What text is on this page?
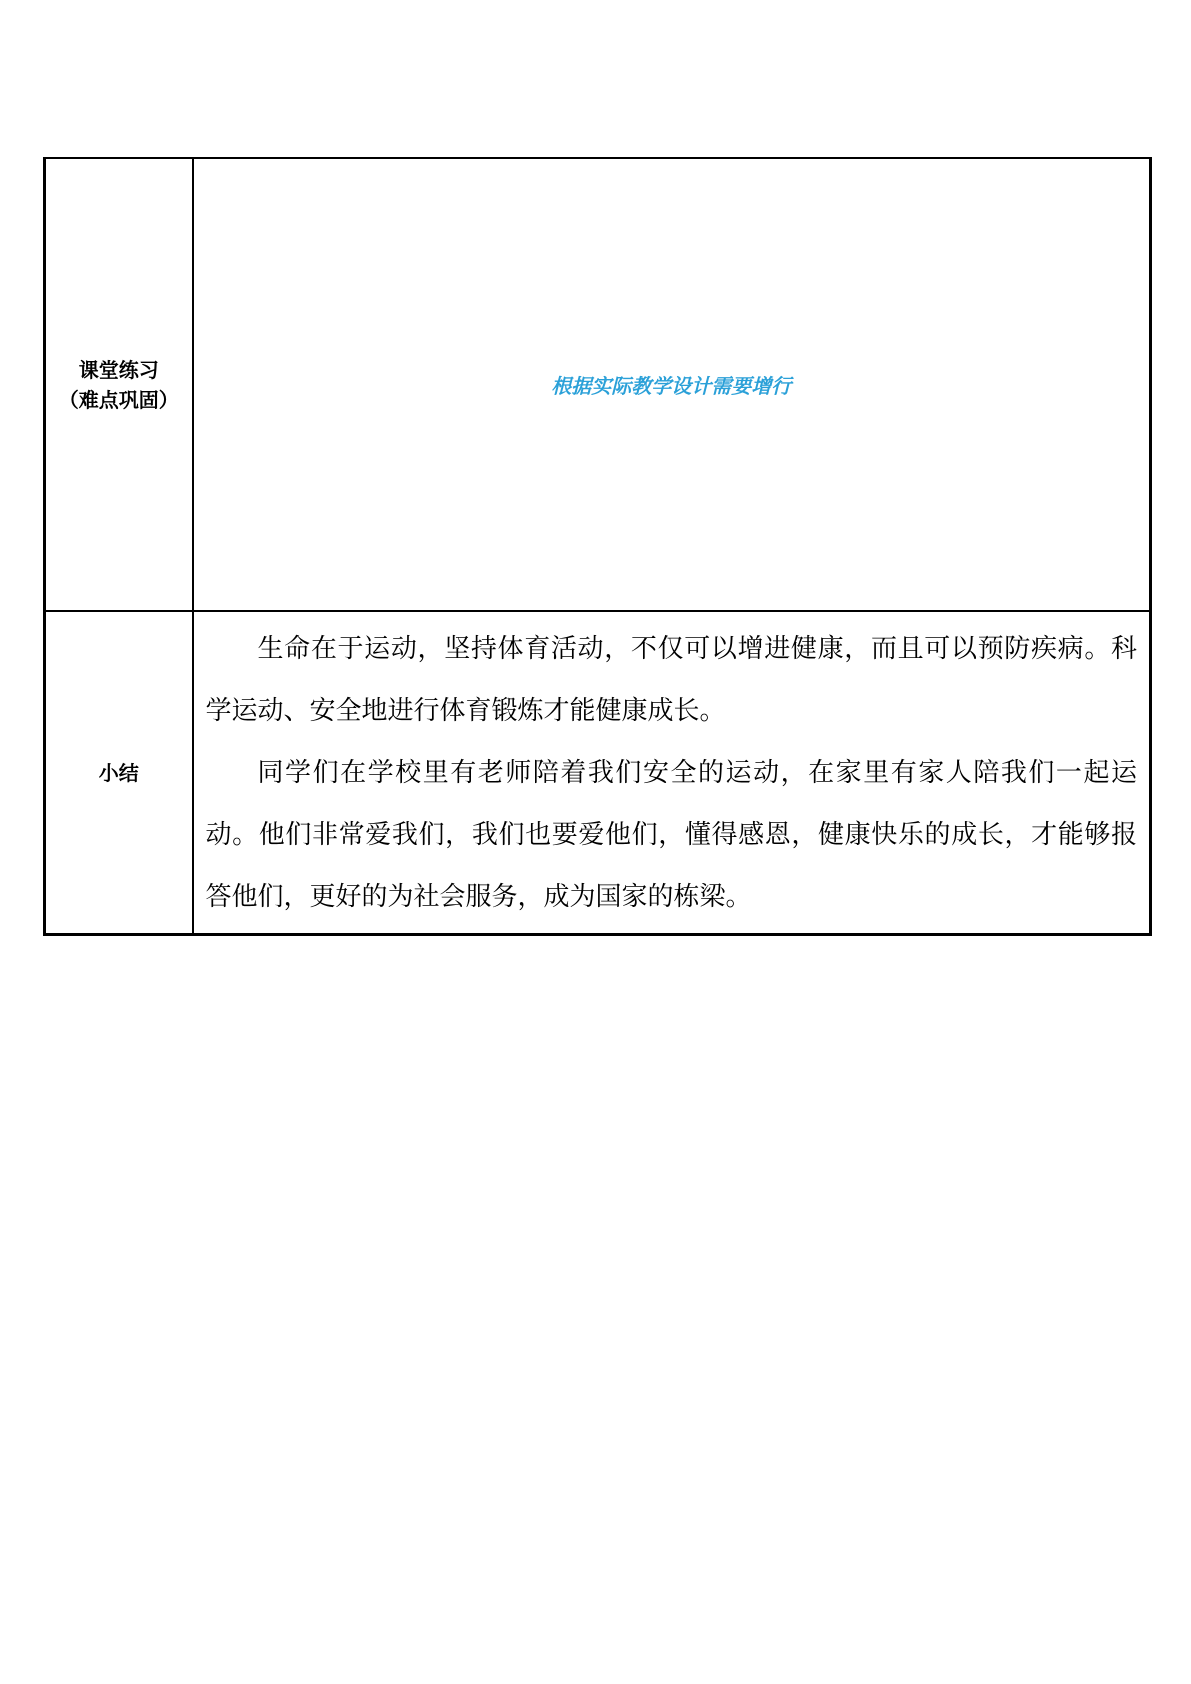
课堂练习
（难点巩固）	根据实际教学设计需要增行

小结	生命在于运动，坚持体育活动，不仅可以增进健康，而且可以预防疾病。科学运动、安全地进行体育锻炼才能健康成长。

同学们在学校里有老师陪着我们安全的运动，在家里有家人陪我们一起运动。他们非常爱我们，我们也要爱他们，懂得感恩，健康快乐的成长，才能够报答他们，更好的为社会服务，成为国家的栋梁。
